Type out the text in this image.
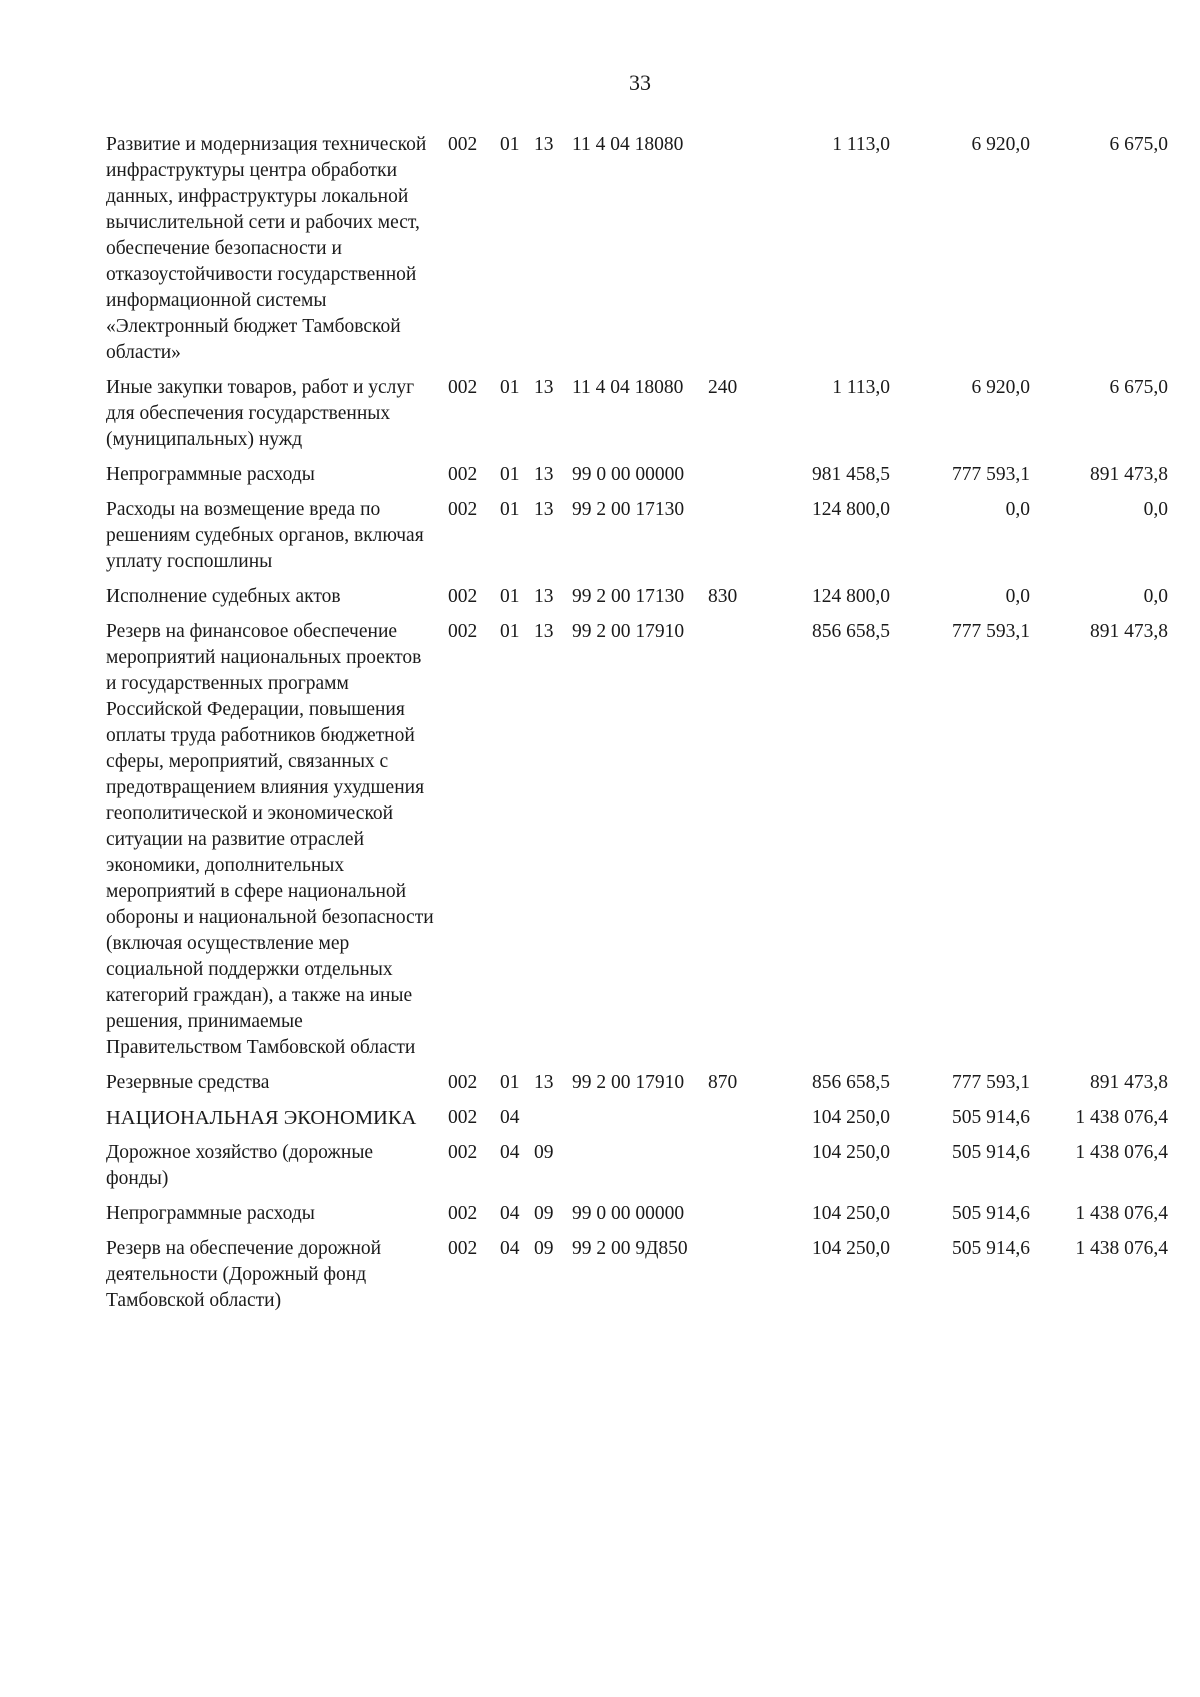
33
Развитие и модернизация технической инфраструктуры центра обработки данных, инфраструктуры локальной вычислительной сети и рабочих мест, обеспечение безопасности и отказоустойчивости государственной информационной системы «Электронный бюджет Тамбовской области»	002	01	13	11 4 04 18080		1 113,0	6 920,0	6 675,0
Иные закупки товаров, работ и услуг для обеспечения государственных (муниципальных) нужд	002	01	13	11 4 04 18080	240	1 113,0	6 920,0	6 675,0
Непрограммные расходы	002	01	13	99 0 00 00000		981 458,5	777 593,1	891 473,8
Расходы на возмещение вреда по решениям судебных органов, включая уплату госпошлины	002	01	13	99 2 00 17130		124 800,0	0,0	0,0
Исполнение судебных актов	002	01	13	99 2 00 17130	830	124 800,0	0,0	0,0
Резерв на финансовое обеспечение мероприятий национальных проектов и государственных программ Российской Федерации, повышения оплаты труда работников бюджетной сферы, мероприятий, связанных с предотвращением влияния ухудшения геополитической и экономической ситуации на развитие отраслей экономики, дополнительных мероприятий в сфере национальной обороны и национальной безопасности (включая осуществление мер социальной поддержки отдельных категорий граждан), а также на иные решения, принимаемые Правительством Тамбовской области	002	01	13	99 2 00 17910		856 658,5	777 593,1	891 473,8
Резервные средства	002	01	13	99 2 00 17910	870	856 658,5	777 593,1	891 473,8
НАЦИОНАЛЬНАЯ ЭКОНОМИКА	002	04				104 250,0	505 914,6	1 438 076,4
Дорожное хозяйство (дорожные фонды)	002	04	09			104 250,0	505 914,6	1 438 076,4
Непрограммные расходы	002	04	09	99 0 00 00000		104 250,0	505 914,6	1 438 076,4
Резерв на обеспечение дорожной деятельности (Дорожный фонд Тамбовской области)	002	04	09	99 2 00 9Д850		104 250,0	505 914,6	1 438 076,4
